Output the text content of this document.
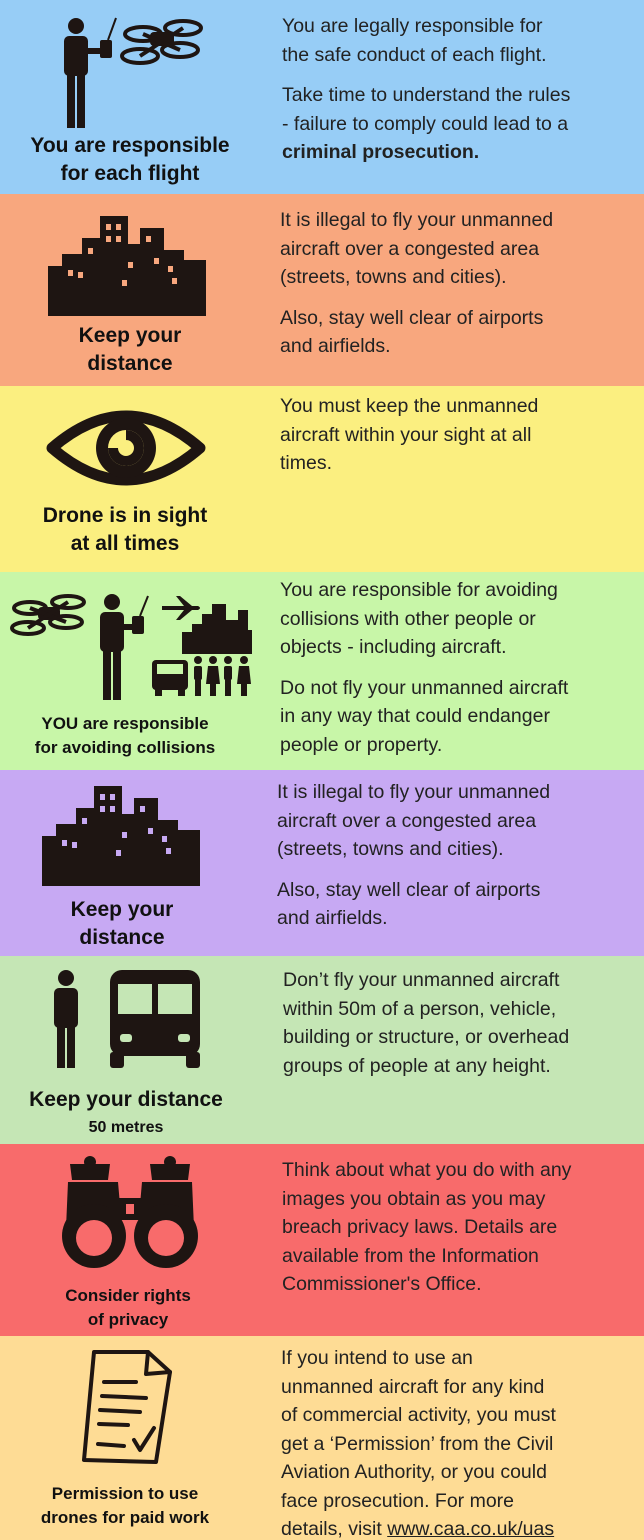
You are responsible
for each flight

You are legally responsible for
the safe conduct of each flight.

Take time to understand the rules
- failure to comply could lead to a
criminal prosecution.

Keep your
distance

It is illegal to fly your unmanned
aircraft over a congested area
(streets, towns and cities).

Also, stay well clear of airports
and airfields.

Drone is in sight
at all times

You must keep the unmanned
aircraft within your sight at all
times.

YOU are responsible
for avoiding collisions

You are responsible for avoiding
collisions with other people or
objects - including aircraft.

Do not fly your unmanned aircraft
in any way that could endanger
people or property.

Keep your
distance

It is illegal to fly your unmanned
aircraft over a congested area
(streets, towns and cities).

Also, stay well clear of airports
and airfields.

Keep your distance
50 metres

Don’t fly your unmanned aircraft
within 50m of a person, vehicle,
building or structure, or overhead
groups of people at any height.

Consider rights
of privacy

Think about what you do with any
images you obtain as you may
breach privacy laws. Details are
available from the Information
Commissioner's Office.

Permission to use
drones for paid work

If you intend to use an
unmanned aircraft for any kind
of commercial activity, you must
get a ‘Permission’ from the Civil
Aviation Authority, or you could
face prosecution. For more
details, visit www.caa.co.uk/uas
